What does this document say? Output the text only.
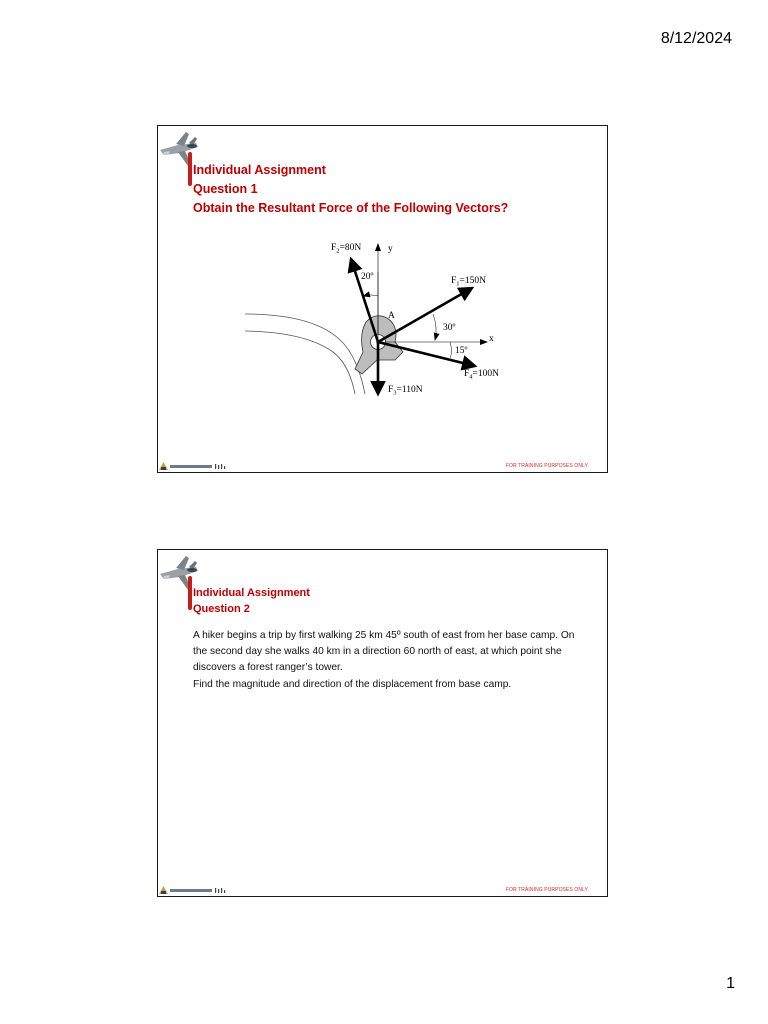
8/12/2024
Individual Assignment
Question 1
Obtain the Resultant Force of the Following Vectors?
$F_2=80N$	y
20º	$F_1=150N$
A
30º
x
15º
$F_4=100N$
$F_3=110N$
FOR TRAINING PURPOSES ONLY
Individual Assignment
Question 2

A hiker begins a trip by first walking 25 km 45º south of east from her base camp. On the second day she walks 40 km in a direction 60 north of east, at which point she discovers a forest ranger’s tower.

Find the magnitude and direction of the displacement from base camp.

FOR TRAINING PURPOSES ONLY
1
